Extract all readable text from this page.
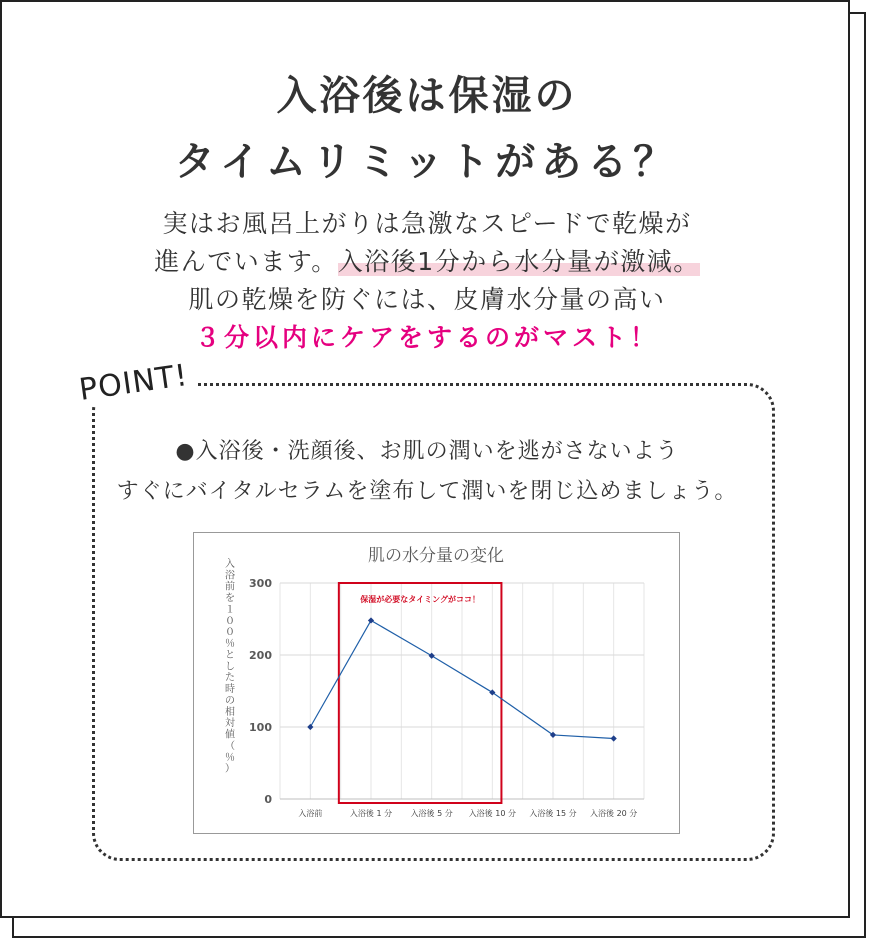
入浴後は保湿の
タイムリミットがある？
実はお風呂上がりは急激なスピードで乾燥が
進んでいます。入浴後1分から水分量が激減。
肌の乾燥を防ぐには、皮膚水分量の高い
３分以内にケアをするのがマスト！
POINT!
●入浴後・洗顔後、お肌の潤いを逃がさないよう
すぐにバイタルセラムを塗布して潤いを閉じ込めましょう。
肌の水分量の変化
0
100
200
300
入
浴
前
を
１
０
０
％
と
し
た
時
の
相
対
値
（
％
）
入浴前	入浴後 1 分 入浴後 5 分 入浴後 10 分 入浴後 15 分 入浴後 20 分
保湿が必要なタイミングがココ！
